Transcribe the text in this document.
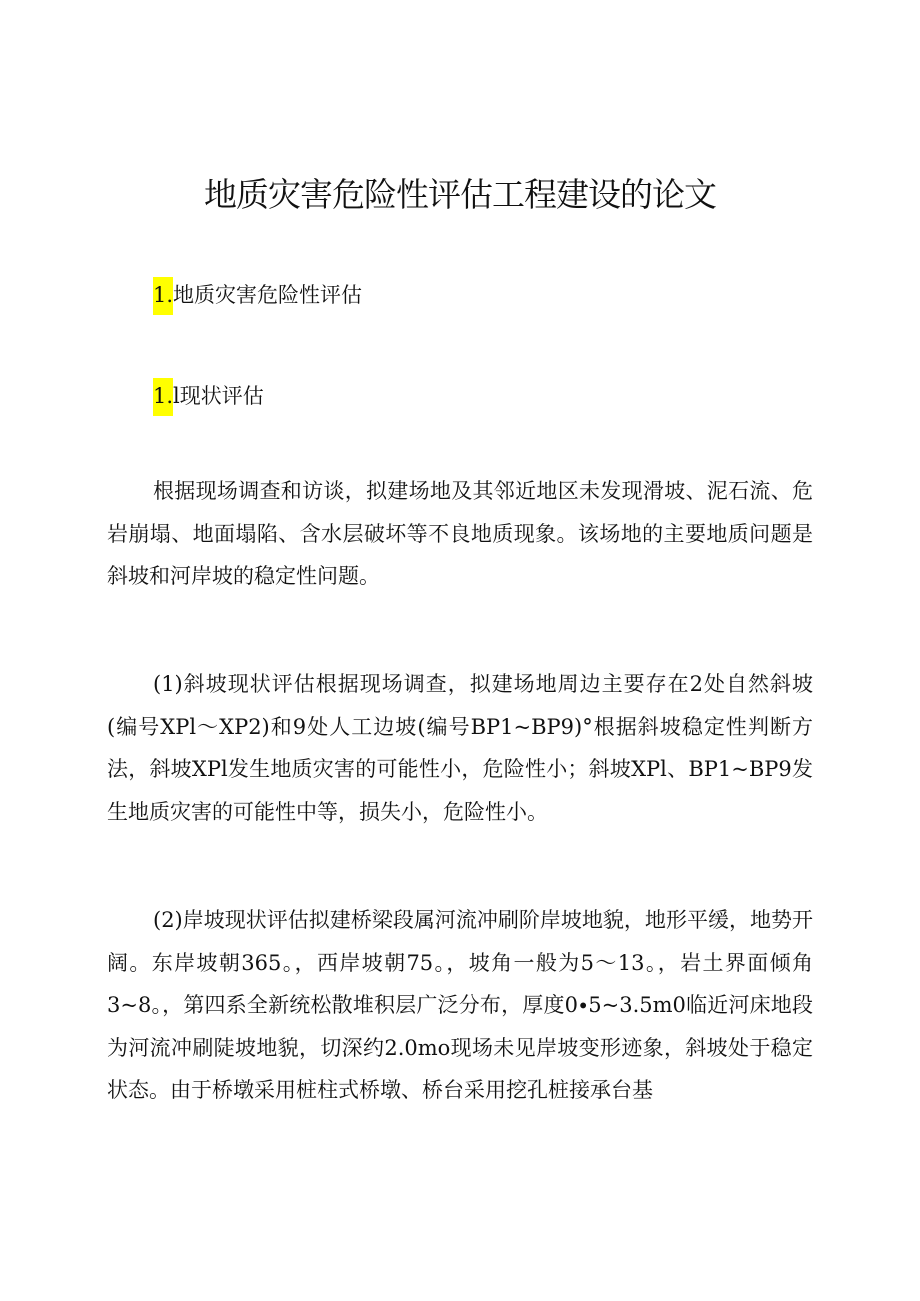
地质灾害危险性评估工程建设的论文

1.地质灾害危险性评估

1.l现状评估

根据现场调查和访谈，拟建场地及其邻近地区未发现滑坡、泥石流、危岩崩塌、地面塌陷、含水层破坏等不良地质现象。该场地的主要地质问题是斜坡和河岸坡的稳定性问题。

(1)斜坡现状评估根据现场调查，拟建场地周边主要存在2处自然斜坡(编号XPl～XP2)和9处人工边坡(编号BP1~BP9)°根据斜坡稳定性判断方法，斜坡XPl发生地质灾害的可能性小，危险性小；斜坡XPl、BP1~BP9发生地质灾害的可能性中等，损失小，危险性小。

(2)岸坡现状评估拟建桥梁段属河流冲刷阶岸坡地貌，地形平缓，地势开阔。东岸坡朝365。，西岸坡朝75。，坡角一般为5～13。，岩土界面倾角3~8。，第四系全新统松散堆积层广泛分布，厚度0∙5~3.5m0临近河床地段为河流冲刷陡坡地貌，切深约2.0mo现场未见岸坡变形迹象，斜坡处于稳定状态。由于桥墩采用桩柱式桥墩、桥台采用挖孔桩接承台基
